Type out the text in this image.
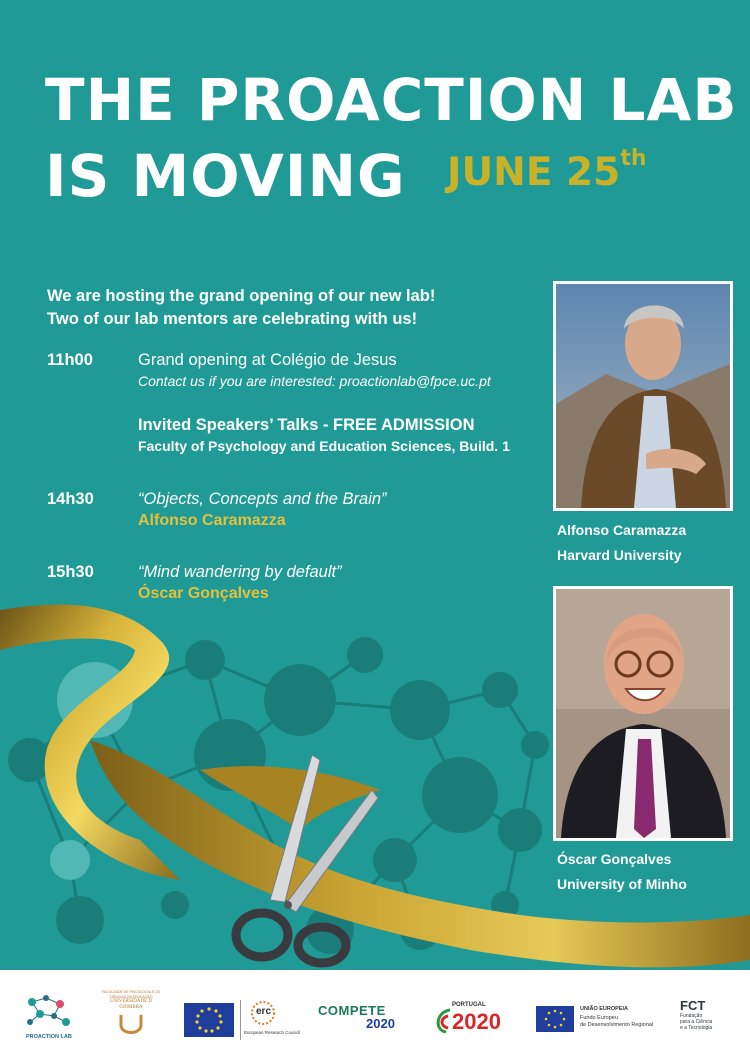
THE PROACTION LAB
IS MOVING	JUNE 25th
We are hosting the grand opening of our new lab!
Two of our lab mentors are celebrating with us!
11h00	Grand opening at Colégio de Jesus
Contact us if you are interested: proactionlab@fpce.uc.pt
Invited Speakers’ Talks - FREE ADMISSION
Faculty of Psychology and Education Sciences, Build. 1
14h30	“Objects, Concepts and the Brain”
Alfonso Caramazza
15h30	“Mind wandering by default”
Óscar Gonçalves
Alfonso Caramazza
Harvard University
Óscar Gonçalves
University of Minho
PROACTION LAB
FACULDADE DE PSICOLOGIA E DE CIÊNCIAS DA EDUCAÇÃO
UNIVERSIDADE D COIMBRA	erc
European Research Council
COMPETE
2020
PORTUGAL
2020	UNIÃO EUROPEIA
Fundo Europeu
de Desenvolvimento Regional
FCT
Fundação
para a Ciência
e a Tecnologia
